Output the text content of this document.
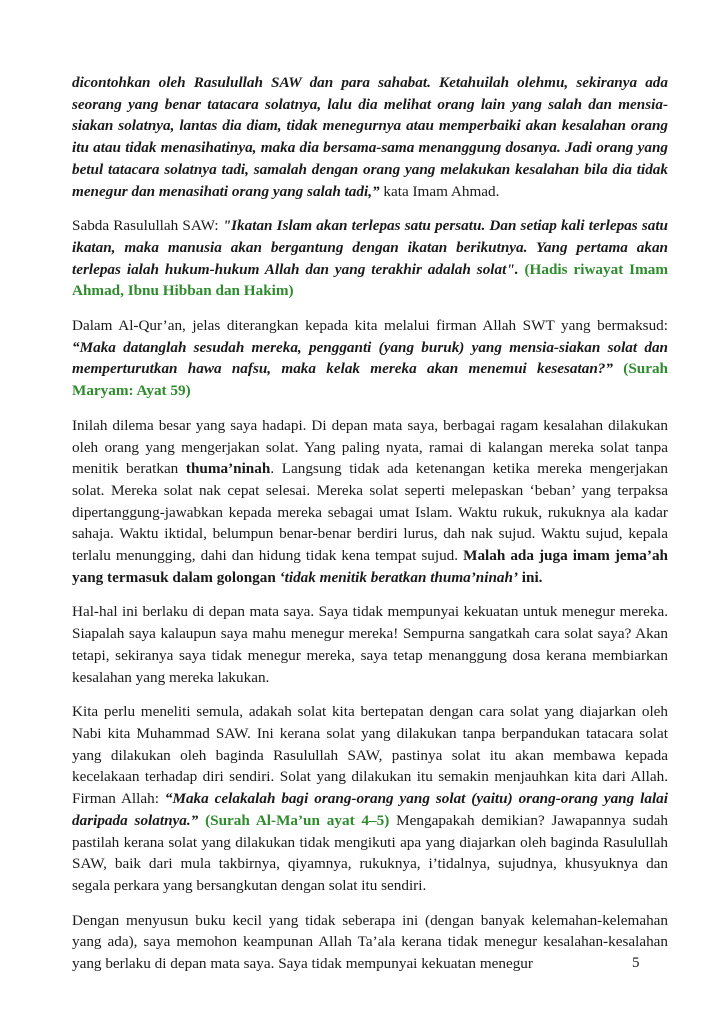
dicontohkan oleh Rasulullah SAW dan para sahabat. Ketahuilah olehmu, sekiranya ada seorang yang benar tatacara solatnya, lalu dia melihat orang lain yang salah dan mensia-siakan solatnya, lantas dia diam, tidak menegurnya atau memperbaiki akan kesalahan orang itu atau tidak menasihatinya, maka dia bersama-sama menanggung dosanya. Jadi orang yang betul tatacara solatnya tadi, samalah dengan orang yang melakukan kesalahan bila dia tidak menegur dan menasihati orang yang salah tadi,” kata Imam Ahmad.

Sabda Rasulullah SAW: "Ikatan Islam akan terlepas satu persatu. Dan setiap kali terlepas satu ikatan, maka manusia akan bergantung dengan ikatan berikutnya. Yang pertama akan terlepas ialah hukum-hukum Allah dan yang terakhir adalah solat". (Hadis riwayat Imam Ahmad, Ibnu Hibban dan Hakim)

Dalam Al-Qur’an, jelas diterangkan kepada kita melalui firman Allah SWT yang bermaksud: “Maka datanglah sesudah mereka, pengganti (yang buruk) yang mensia-siakan solat dan memperturutkan hawa nafsu, maka kelak mereka akan menemui kesesatan?” (Surah Maryam: Ayat 59)

Inilah dilema besar yang saya hadapi. Di depan mata saya, berbagai ragam kesalahan dilakukan oleh orang yang mengerjakan solat. Yang paling nyata, ramai di kalangan mereka solat tanpa menitik beratkan thuma’ninah. Langsung tidak ada ketenangan ketika mereka mengerjakan solat. Mereka solat nak cepat selesai. Mereka solat seperti melepaskan ‘beban’ yang terpaksa dipertanggung-jawabkan kepada mereka sebagai umat Islam. Waktu rukuk, rukuknya ala kadar sahaja. Waktu iktidal, belumpun benar-benar berdiri lurus, dah nak sujud. Waktu sujud, kepala terlalu menungging, dahi dan hidung tidak kena tempat sujud. Malah ada juga imam jema’ah yang termasuk dalam golongan ‘tidak menitik beratkan thuma’ninah’ ini.

Hal-hal ini berlaku di depan mata saya. Saya tidak mempunyai kekuatan untuk menegur mereka. Siapalah saya kalaupun saya mahu menegur mereka! Sempurna sangatkah cara solat saya? Akan tetapi, sekiranya saya tidak menegur mereka, saya tetap menanggung dosa kerana membiarkan kesalahan yang mereka lakukan.

Kita perlu meneliti semula, adakah solat kita bertepatan dengan cara solat yang diajarkan oleh Nabi kita Muhammad SAW. Ini kerana solat yang dilakukan tanpa berpandukan tatacara solat yang dilakukan oleh baginda Rasulullah SAW, pastinya solat itu akan membawa kepada kecelakaan terhadap diri sendiri. Solat yang dilakukan itu semakin menjauhkan kita dari Allah. Firman Allah: “Maka celakalah bagi orang-orang yang solat (yaitu) orang-orang yang lalai daripada solatnya.” (Surah Al-Ma’un ayat 4–5) Mengapakah demikian? Jawapannya sudah pastilah kerana solat yang dilakukan tidak mengikuti apa yang diajarkan oleh baginda Rasulullah SAW, baik dari mula takbirnya, qiyamnya, rukuknya, i’tidalnya, sujudnya, khusyuknya dan segala perkara yang bersangkutan dengan solat itu sendiri.

Dengan menyusun buku kecil yang tidak seberapa ini (dengan banyak kelemahan-kelemahan yang ada), saya memohon keampunan Allah Ta’ala kerana tidak menegur kesalahan-kesalahan yang berlaku di depan mata saya. Saya tidak mempunyai kekuatan menegur	5
